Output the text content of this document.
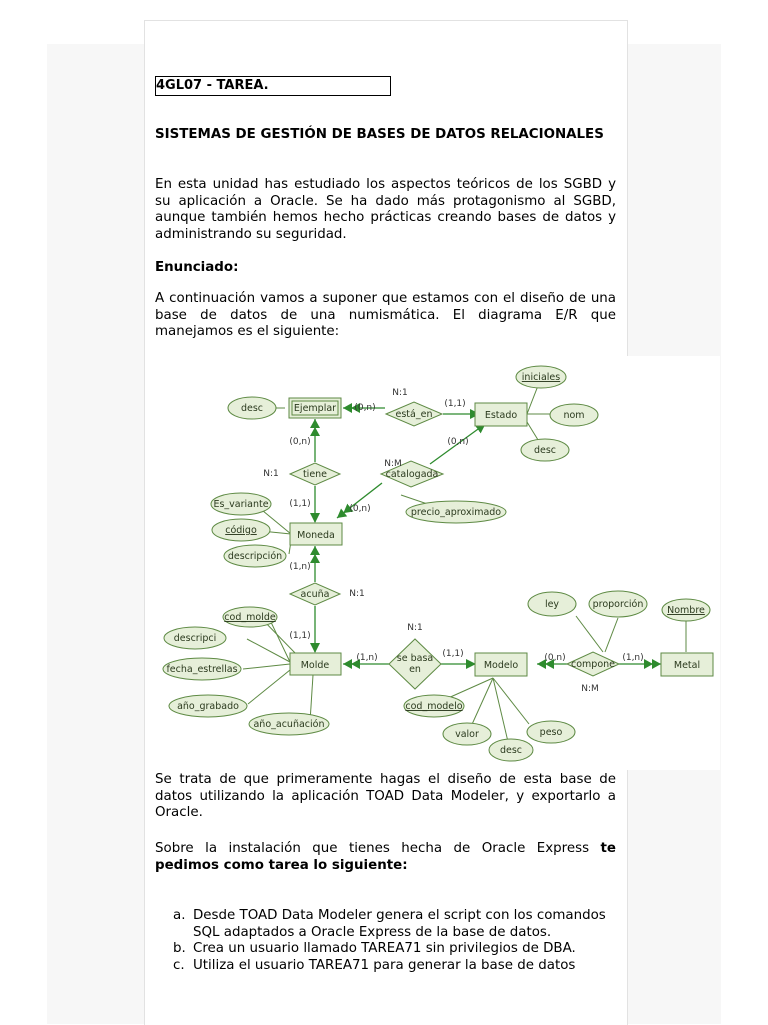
4GL07 - TAREA.
SISTEMAS DE GESTIÓN DE BASES DE DATOS RELACIONALES
En esta unidad has estudiado los aspectos teóricos de los SGBD y su aplicación a Oracle. Se ha dado más protagonismo al SGBD, aunque también hemos hecho prácticas creando bases de datos y administrando su seguridad.
Enunciado:
A continuación vamos a suponer que estamos con el diseño de una base de datos de una numismática. El diagrama E/R que manejamos es el siguiente:
Se trata de que primeramente hagas el diseño de esta base de datos utilizando la aplicación TOAD Data Modeler, y exportarlo a Oracle.
Sobre la instalación que tienes hecha de Oracle Express te pedimos como tarea lo siguiente:
a. Desde TOAD Data Modeler genera el script con los comandos SQL adaptados a Oracle Express de la base de datos.
b. Crea un usuario llamado TAREA71 sin privilegios de DBA.
c. Utiliza el usuario TAREA71 para generar la base de datos
Ejemplar
Estado
Moneda
Molde	Modelo	Metal
está_en
tiene	catalogada
acuña
se basa
en	compone
desc
iniciales
nom
desc
Es_variante
código
descripción
precio_aproximado
cod_molde
descripci
fecha_estrellas
año_grabado
año_acuñación
ley	proporción
Nombre
cod_modelo
valor
desc
peso
N:1
(0,n)	(1,1)
(0,n)
N:1
(1,1)
N:M
(0,n)
(0,n)
(1,n)
N:1
(1,1)
N:1
(1,n)	(1,1)	(0,n)	(1,n)
N:M
